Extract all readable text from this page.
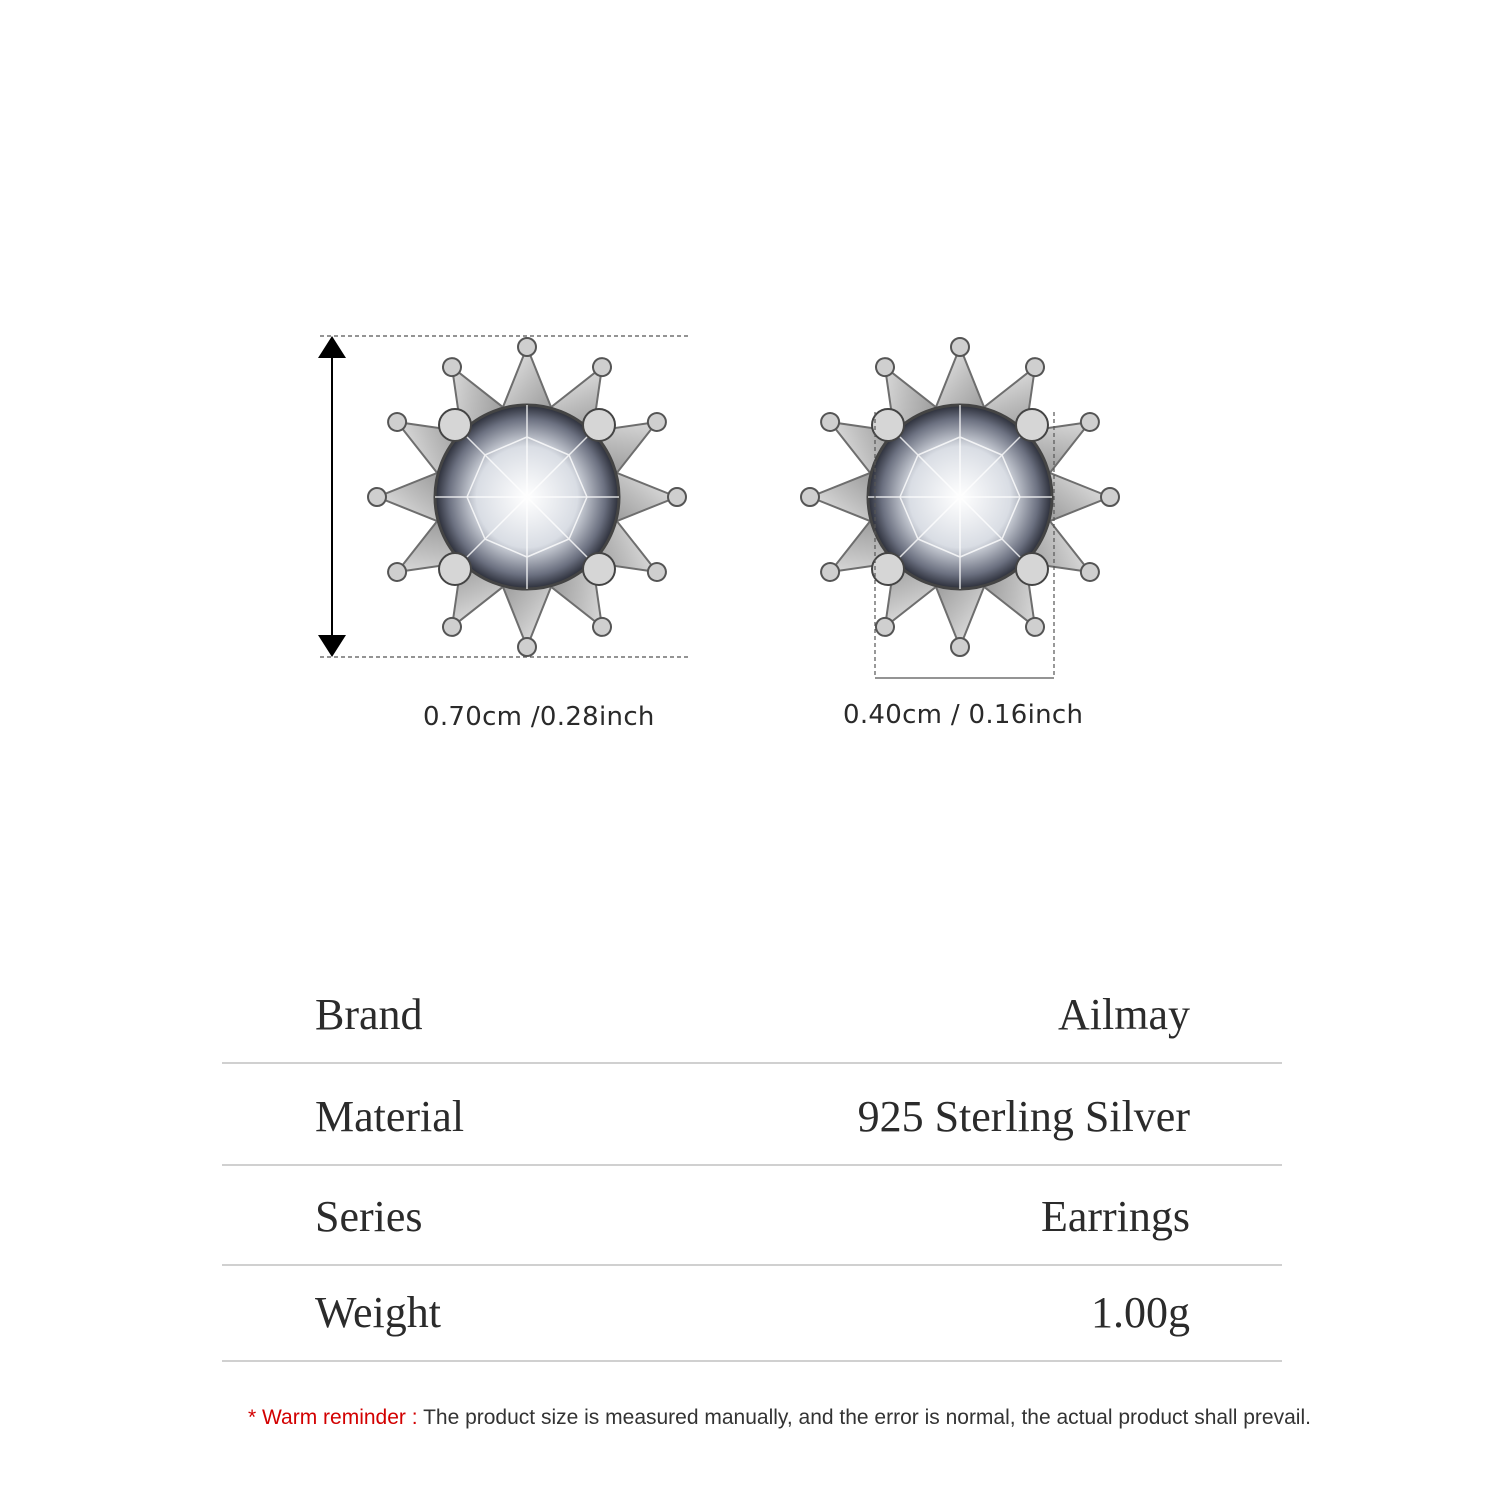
0.70cm /0.28inch	0.40cm / 0.16inch
Brand	Ailmay
Material	925 Sterling Silver
Series	Earrings
Weight	1.00g
* Warm reminder : The product size is measured manually, and the error is normal, the actual product shall prevail.
